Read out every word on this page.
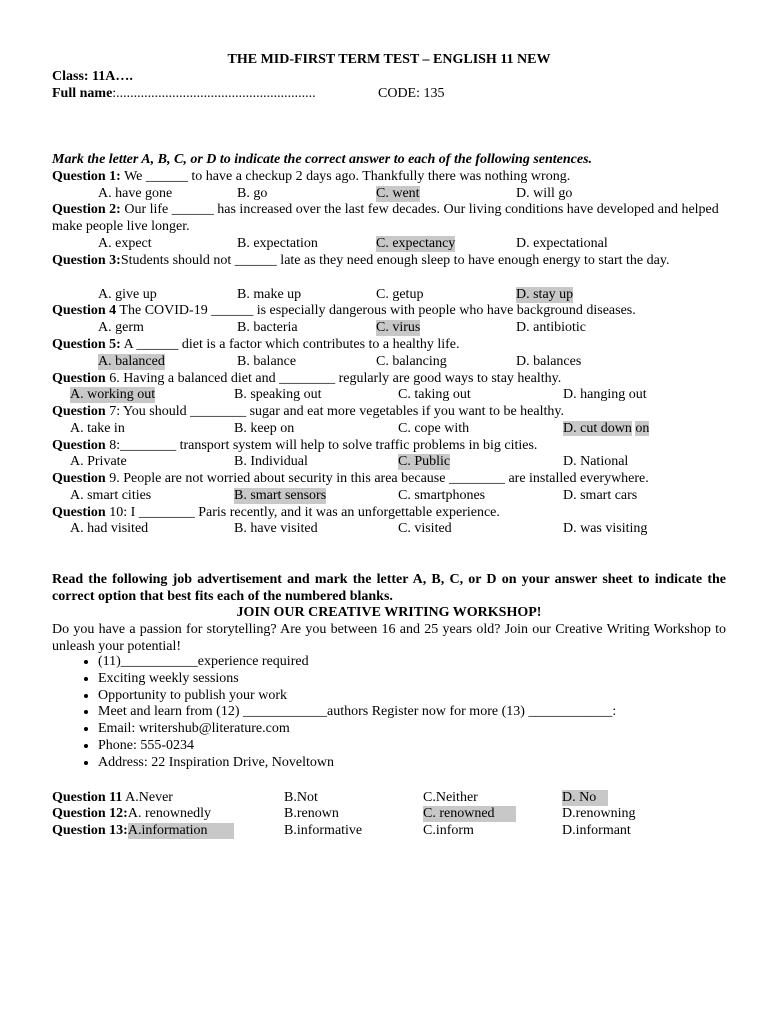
THE MID-FIRST TERM TEST – ENGLISH 11 NEW
Class: 11A….
Full name:.........................................................	CODE: 135
Mark the letter A, B, C, or D to indicate the correct answer to each of the following sentences.
Question 1: We ______ to have a checkup 2 days ago. Thankfully there was nothing wrong.
A. have gone	B. go	C. went	D. will go
Question 2: Our life ______ has increased over the last few decades. Our living conditions have developed and helped make people live longer.
A. expect	B. expectation	C. expectancy	D. expectational
Question 3:Students should not ______ late as they need enough sleep to have enough energy to start the day.
A. give up	B. make up	C. getup	D. stay up
Question 4 The COVID-19 ______ is especially dangerous with people who have background diseases.
A. germ	B. bacteria	C. virus	D. antibiotic
Question 5: A ______ diet is a factor which contributes to a healthy life.
A. balanced	B. balance	C. balancing	D. balances
Question 6. Having a balanced diet and ________ regularly are good ways to stay healthy.
A. working out	B. speaking out	C. taking out	D. hanging out
Question 7: You should ________ sugar and eat more vegetables if you want to be healthy.
A. take in	B. keep on	C. cope with	D. cut down on
Question 8:________ transport system will help to solve traffic problems in big cities.
A. Private	B. Individual	C. Public	D. National
Question 9. People are not worried about security in this area because ________ are installed everywhere.
A. smart cities	B. smart sensors	C. smartphones	D. smart cars
Question 10: I ________ Paris recently, and it was an unforgettable experience.
A. had visited	B. have visited	C. visited	D. was visiting
Read the following job advertisement and mark the letter A, B, C, or D on your answer sheet to indicate the correct option that best fits each of the numbered blanks.
JOIN OUR CREATIVE WRITING WORKSHOP!
Do you have a passion for storytelling? Are you between 16 and 25 years old? Join our Creative Writing Workshop to unleash your potential!
• (11)___________experience required
• Exciting weekly sessions
• Opportunity to publish your work
• Meet and learn from (12) ____________authors Register now for more (13) ____________:
• Email: writershub@literature.com
• Phone: 555-0234
• Address: 22 Inspiration Drive, Noveltown
Question 11 A.Never	B.Not	C.Neither	D. No
Question 12:A. renownedly	B.renown	C. renowned	D.renowning
Question 13:A.information	B.informative	C.inform	D.informant
